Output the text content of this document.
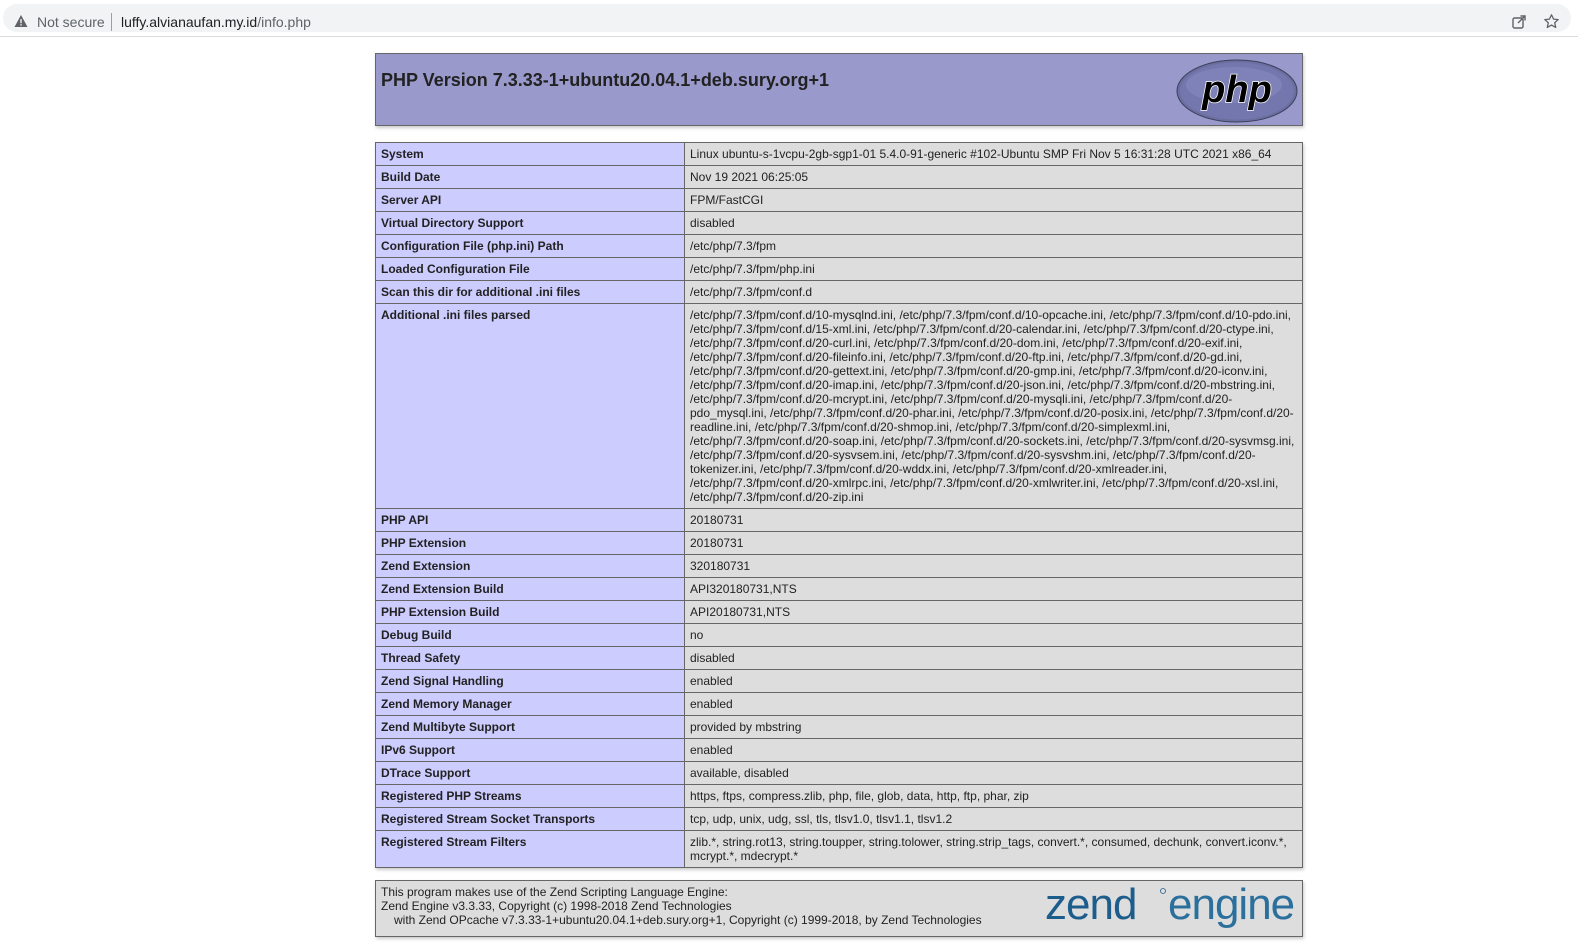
Not secure luffy.alvianaufan.my.id/info.php
PHP Version 7.3.33-1+ubuntu20.04.1+deb.sury.org+1	php
System	Linux ubuntu-s-1vcpu-2gb-sgp1-01 5.4.0-91-generic #102-Ubuntu SMP Fri Nov 5 16:31:28 UTC 2021 x86_64
Build Date	Nov 19 2021 06:25:05
Server API	FPM/FastCGI
Virtual Directory Support	disabled
Configuration File (php.ini) Path	/etc/php/7.3/fpm
Loaded Configuration File	/etc/php/7.3/fpm/php.ini
Scan this dir for additional .ini files	/etc/php/7.3/fpm/conf.d
Additional .ini files parsed	/etc/php/7.3/fpm/conf.d/10-mysqlnd.ini, /etc/php/7.3/fpm/conf.d/10-opcache.ini, /etc/php/7.3/fpm/conf.d/10-pdo.ini, /etc/php/7.3/fpm/conf.d/15-xml.ini, /etc/php/7.3/fpm/conf.d/20-calendar.ini, /etc/php/7.3/fpm/conf.d/20-ctype.ini, /etc/php/7.3/fpm/conf.d/20-curl.ini, /etc/php/7.3/fpm/conf.d/20-dom.ini, /etc/php/7.3/fpm/conf.d/20-exif.ini, /etc/php/7.3/fpm/conf.d/20-fileinfo.ini, /etc/php/7.3/fpm/conf.d/20-ftp.ini, /etc/php/7.3/fpm/conf.d/20-gd.ini, /etc/php/7.3/fpm/conf.d/20-gettext.ini, /etc/php/7.3/fpm/conf.d/20-gmp.ini, /etc/php/7.3/fpm/conf.d/20-iconv.ini, /etc/php/7.3/fpm/conf.d/20-imap.ini, /etc/php/7.3/fpm/conf.d/20-json.ini, /etc/php/7.3/fpm/conf.d/20-mbstring.ini, /etc/php/7.3/fpm/conf.d/20-mcrypt.ini, /etc/php/7.3/fpm/conf.d/20-mysqli.ini, /etc/php/7.3/fpm/conf.d/20-pdo_mysql.ini, /etc/php/7.3/fpm/conf.d/20-phar.ini, /etc/php/7.3/fpm/conf.d/20-posix.ini, /etc/php/7.3/fpm/conf.d/20-readline.ini, /etc/php/7.3/fpm/conf.d/20-shmop.ini, /etc/php/7.3/fpm/conf.d/20-simplexml.ini, /etc/php/7.3/fpm/conf.d/20-soap.ini, /etc/php/7.3/fpm/conf.d/20-sockets.ini, /etc/php/7.3/fpm/conf.d/20-sysvmsg.ini, /etc/php/7.3/fpm/conf.d/20-sysvsem.ini, /etc/php/7.3/fpm/conf.d/20-sysvshm.ini, /etc/php/7.3/fpm/conf.d/20-tokenizer.ini, /etc/php/7.3/fpm/conf.d/20-wddx.ini, /etc/php/7.3/fpm/conf.d/20-xmlreader.ini, /etc/php/7.3/fpm/conf.d/20-xmlrpc.ini, /etc/php/7.3/fpm/conf.d/20-xmlwriter.ini, /etc/php/7.3/fpm/conf.d/20-xsl.ini, /etc/php/7.3/fpm/conf.d/20-zip.ini
PHP API	20180731
PHP Extension	20180731
Zend Extension	320180731
Zend Extension Build	API320180731,NTS
PHP Extension Build	API20180731,NTS
Debug Build	no
Thread Safety	disabled
Zend Signal Handling	enabled
Zend Memory Manager	enabled
Zend Multibyte Support	provided by mbstring
IPv6 Support	enabled
DTrace Support	available, disabled
Registered PHP Streams	https, ftps, compress.zlib, php, file, glob, data, http, ftp, phar, zip
Registered Stream Socket Transports	tcp, udp, unix, udg, ssl, tls, tlsv1.0, tlsv1.1, tlsv1.2
Registered Stream Filters	zlib.*, string.rot13, string.toupper, string.tolower, string.strip_tags, convert.*, consumed, dechunk, convert.iconv.*, mcrypt.*, mdecrypt.*
This program makes use of the Zend Scripting Language Engine:
Zend Engine v3.3.33, Copyright (c) 1998-2018 Zend Technologies
with Zend OPcache v7.3.33-1+ubuntu20.04.1+deb.sury.org+1, Copyright (c) 1999-2018, by Zend Technologies zend engine
